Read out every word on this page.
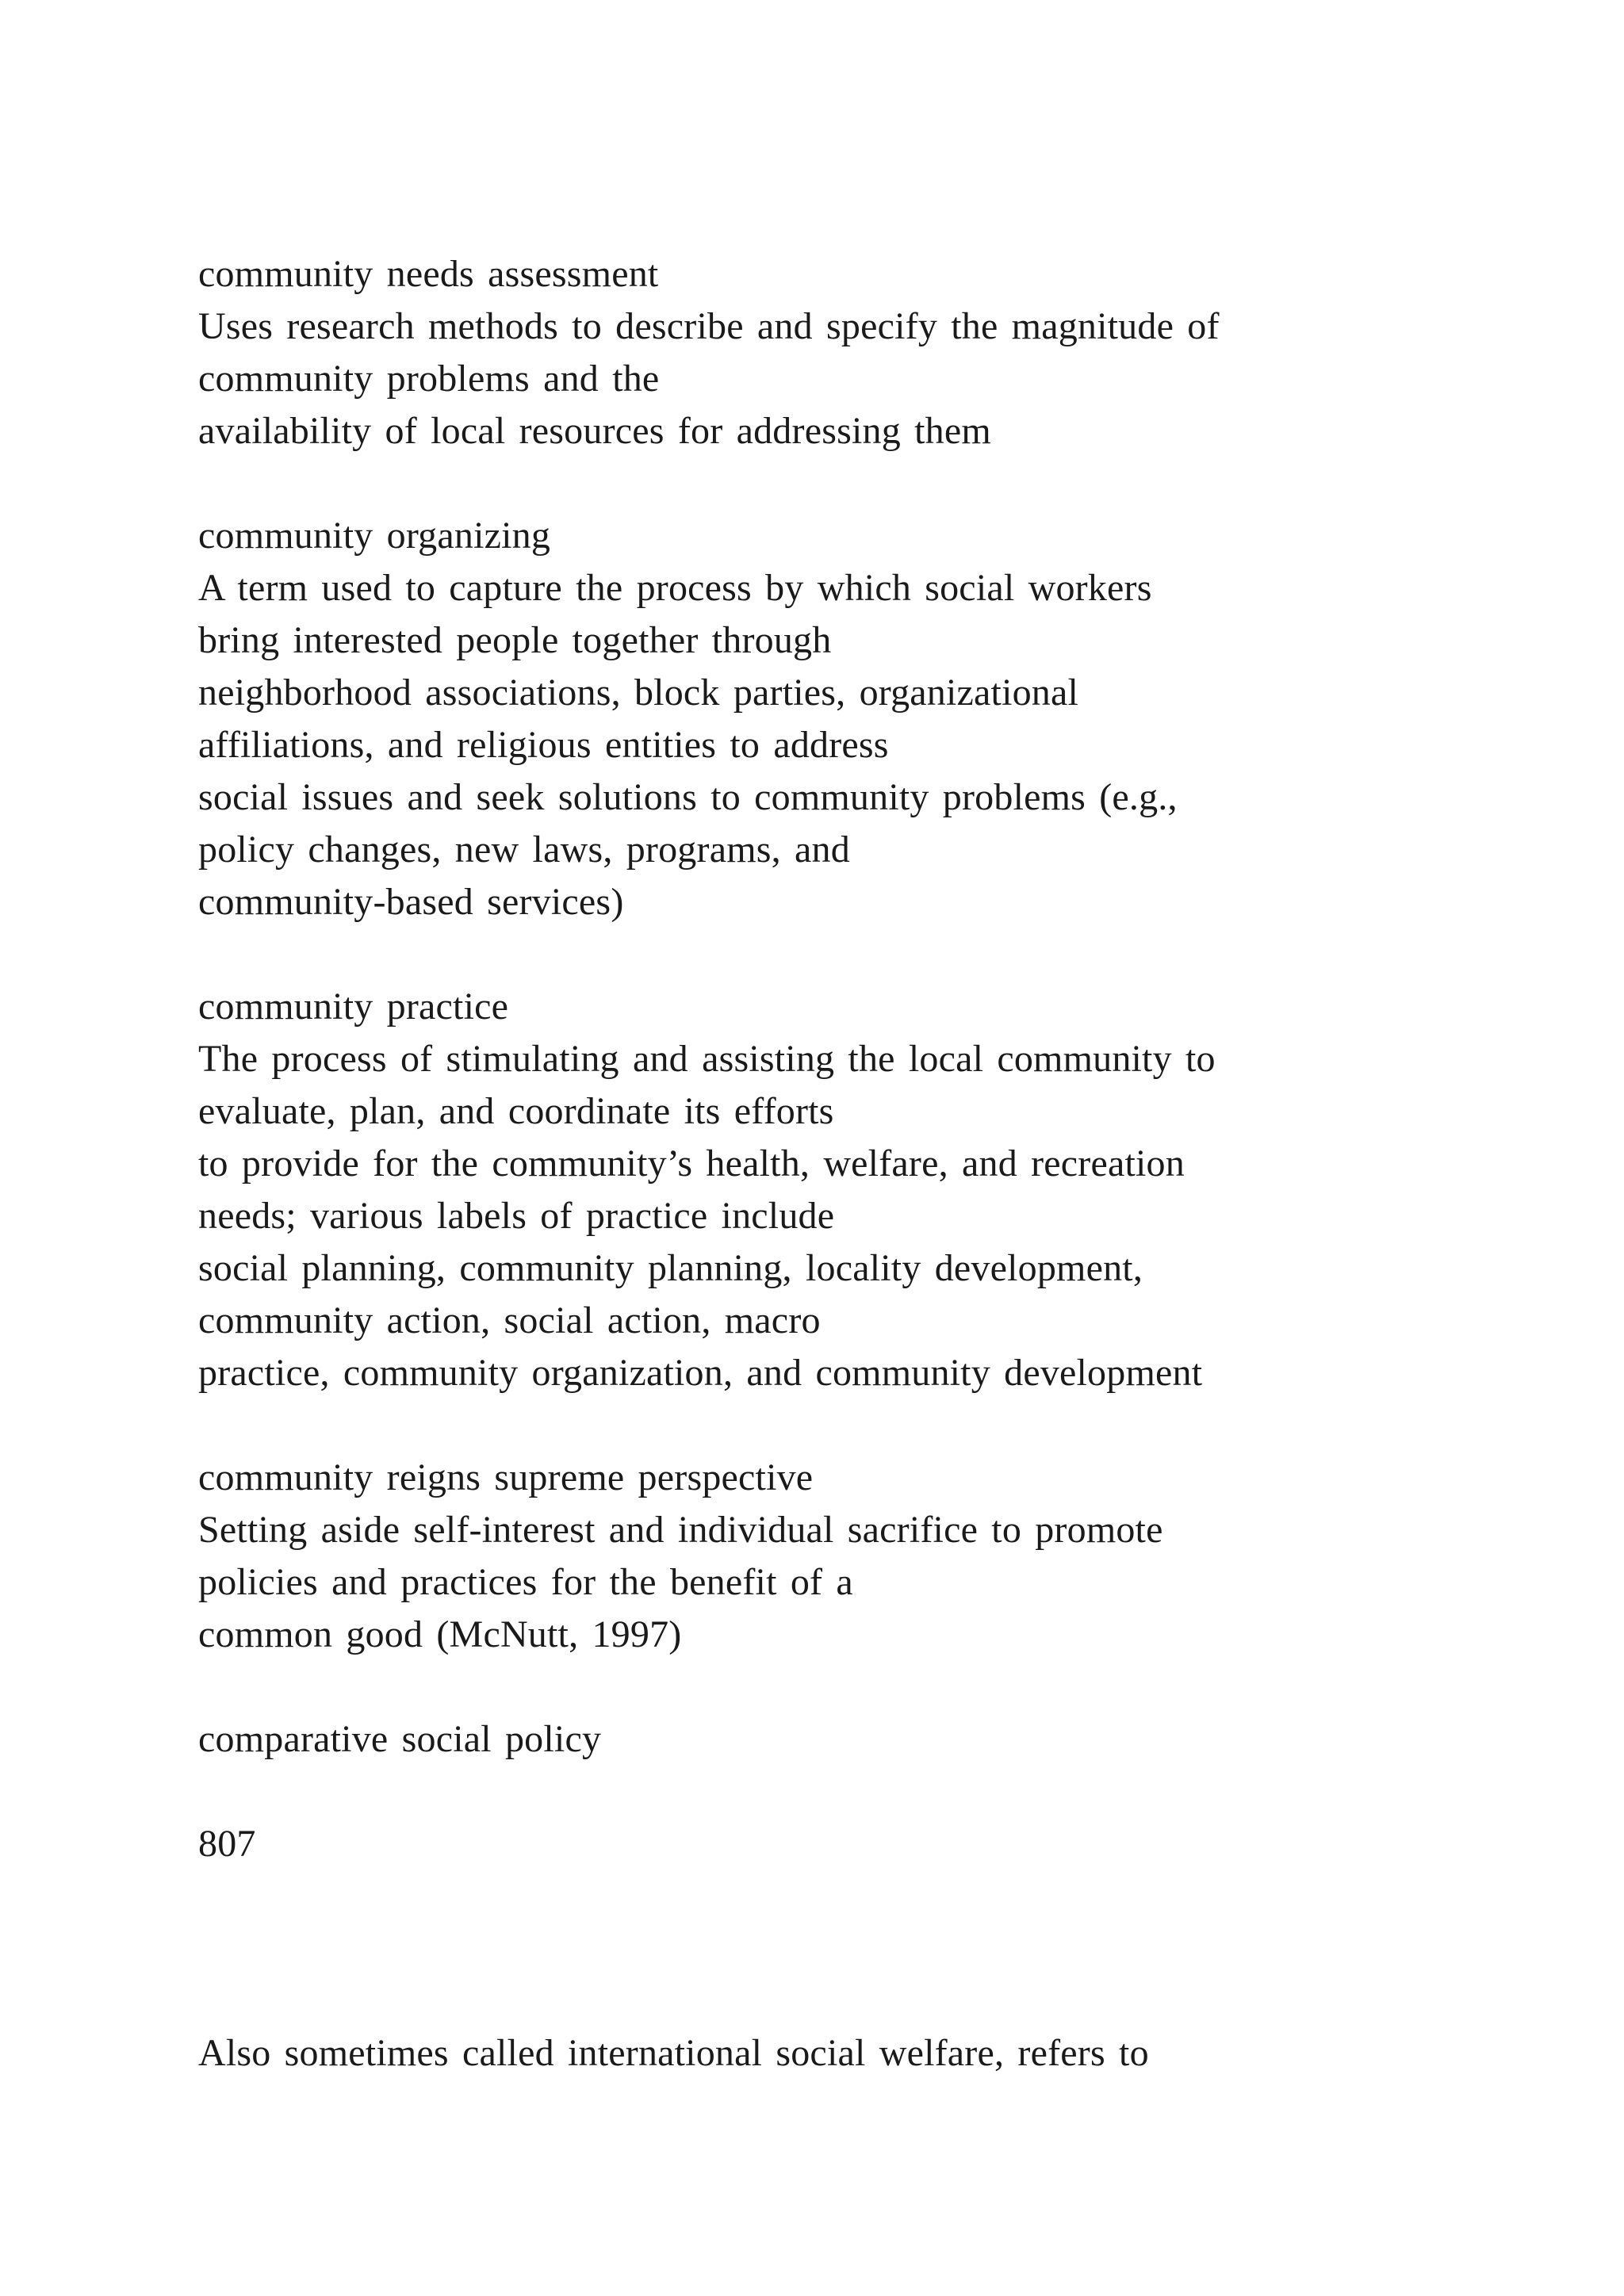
community needs assessment
Uses research methods to describe and specify the magnitude of
community problems and the
availability of local resources for addressing them
community organizing
A term used to capture the process by which social workers
bring interested people together through
neighborhood associations, block parties, organizational
affiliations, and religious entities to address
social issues and seek solutions to community problems (e.g.,
policy changes, new laws, programs, and
community-based services)
community practice
The process of stimulating and assisting the local community to
evaluate, plan, and coordinate its efforts
to provide for the community’s health, welfare, and recreation
needs; various labels of practice include
social planning, community planning, locality development,
community action, social action, macro
practice, community organization, and community development
community reigns supreme perspective
Setting aside self-interest and individual sacrifice to promote
policies and practices for the benefit of a
common good (McNutt, 1997)
comparative social policy
807
Also sometimes called international social welfare, refers to
